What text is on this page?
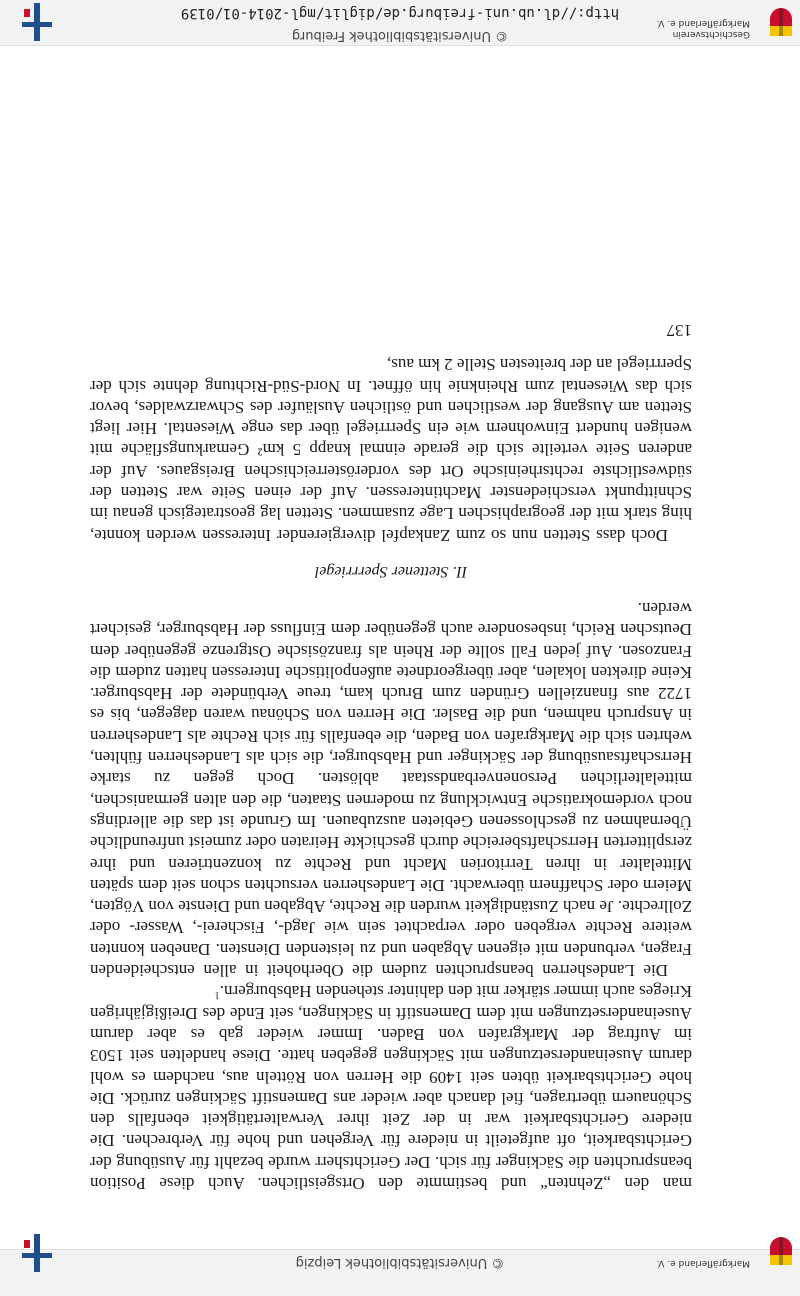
Markgräflerland e. V.
© Universitätsbibliothek Leipzig

man den „Zehnten“ und bestimmte den Ortsgeistlichen. Auch diese Position beanspruchten die Säckinger für sich. Der Gerichtsherr wurde bezahlt für Ausübung der Gerichtsbarkeit, oft aufgeteilt in niedere für Vergehen und hohe für Verbrechen. Die niedere Gerichtsbarkeit war in der Zeit ihrer Verwaltertätigkeit ebenfalls den Schönauern übertragen, fiel danach aber wieder ans Damenstift Säckingen zurück. Die hohe Gerichtsbarkeit übten seit 1409 die Herren von Rötteln aus, nachdem es wohl darum Auseinandersetzungen mit Säckingen gegeben hatte. Diese handelten seit 1503 im Auftrag der Markgrafen von Baden. Immer wieder gab es aber darum Auseinandersetzungen mit dem Damenstift in Säckingen, seit Ende des Dreißigjährigen Krieges auch immer stärker mit den dahinter stehenden Habsburgern.$^1$

Die Landesherren beanspruchten zudem die Oberhoheit in allen entscheidenden Fragen, verbunden mit eigenen Abgaben und zu leistenden Diensten. Daneben konnten weitere Rechte vergeben oder verpachtet sein wie Jagd-, Fischerei-, Wasser- oder Zollrechte. Je nach Zuständigkeit wurden die Rechte, Abgaben und Dienste von Vögten, Meiern oder Schaffnern überwacht. Die Landesherren versuchten schon seit dem späten Mittelalter in ihren Territorien Macht und Rechte zu konzentrieren und ihre zersplitterten Herrschaftsbereiche durch geschickte Heiraten oder zumeist unfreundliche Übernahmen zu geschlossenen Gebieten auszubauen. Im Grunde ist das die allerdings noch vordemokratische Entwicklung zu modernen Staaten, die den alten germanischen, mittelalterlichen Personenverbandsstaat ablösten. Doch gegen zu starke Herrschaftsausübung der Säckinger und Habsburger, die sich als Landesherren fühlten, wehrten sich die Markgrafen von Baden, die ebenfalls für sich Rechte als Landesherren in Anspruch nahmen, und die Basler. Die Herren von Schönau waren dagegen, bis es 1722 aus finanziellen Gründen zum Bruch kam, treue Verbündete der Habsburger. Keine direkten lokalen, aber übergeordnete außenpolitische Interessen hatten zudem die Franzosen. Auf jeden Fall sollte der Rhein als französische Ostgrenze gegenüber dem Deutschen Reich, insbesondere auch gegenüber dem Einfluss der Habsburger, gesichert werden.

II. Stettener Sperrriegel

Doch dass Stetten nun so zum Zankapfel divergierender Interessen werden konnte, hing stark mit der geographischen Lage zusammen. Stetten lag geostrategisch genau im Schnittpunkt verschiedenster Machtinteressen. Auf der einen Seite war Stetten der südwestlichste rechtsrheinische Ort des vorderösterreichischen Breisgaues. Auf der anderen Seite verteilte sich die gerade einmal knapp 5 km² Gemarkungsfläche mit wenigen hundert Einwohnern wie ein Sperrriegel über das enge Wiesental. Hier liegt Stetten am Ausgang der westlichen und östlichen Ausläufer des Schwarzwaldes, bevor sich das Wiesental zum Rheinknie hin öffnet. In Nord-Süd-Richtung dehnte sich der Sperrriegel an der breitesten Stelle 2 km aus,

137
Geschichtsverein Markgräflerland e. V.
© Universitätsbibliothek Freiburg
http://dl.ub.uni-freiburg.de/diglit/mgl-2014-01/0139
